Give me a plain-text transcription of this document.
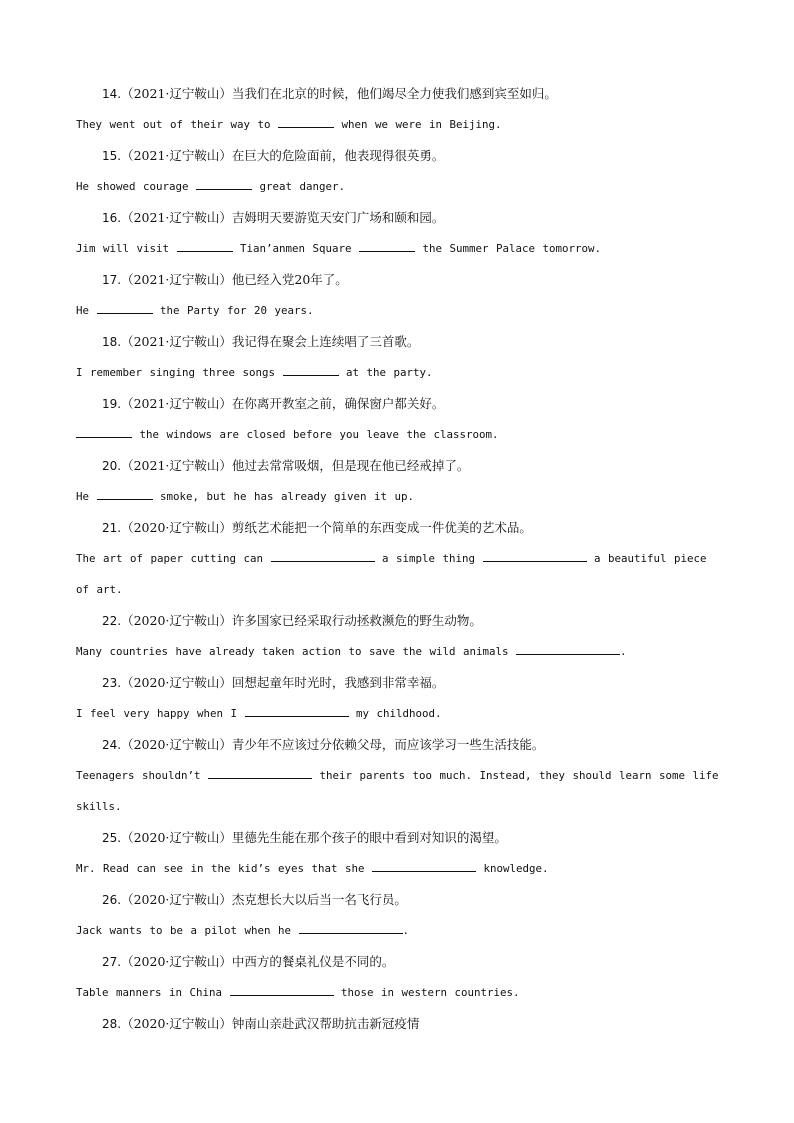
14.（2021·辽宁鞍山）当我们在北京的时候，他们竭尽全力使我们感到宾至如归。
They went out of their way to	when we were in Beijing.
15.（2021·辽宁鞍山）在巨大的危险面前，他表现得很英勇。
He showed courage	great danger.
16.（2021·辽宁鞍山）吉姆明天要游览天安门广场和颐和园。
Jim will visit	Tian’anmen Square	the Summer Palace tomorrow.
17.（2021·辽宁鞍山）他已经入党20年了。
He	the Party for 20 years.
18.（2021·辽宁鞍山）我记得在聚会上连续唱了三首歌。
I remember singing three songs	at the party.
19.（2021·辽宁鞍山）在你离开教室之前，确保窗户都关好。
the windows are closed before you leave the classroom.
20.（2021·辽宁鞍山）他过去常常吸烟，但是现在他已经戒掉了。
He	smoke, but he has already given it up.
21.（2020·辽宁鞍山）剪纸艺术能把一个简单的东西变成一件优美的艺术品。
The art of paper cutting can	a simple thing	a beautiful piece of art.
22.（2020·辽宁鞍山）许多国家已经采取行动拯救濒危的野生动物。
Many countries have already taken action to save the wild animals	.
23.（2020·辽宁鞍山）回想起童年时光时，我感到非常幸福。
I feel very happy when I	my childhood.
24.（2020·辽宁鞍山）青少年不应该过分依赖父母，而应该学习一些生活技能。
Teenagers shouldn’t	their parents too much. Instead, they should learn some life skills.
25.（2020·辽宁鞍山）里德先生能在那个孩子的眼中看到对知识的渴望。
Mr. Read can see in the kid’s eyes that she	knowledge.
26.（2020·辽宁鞍山）杰克想长大以后当一名飞行员。
Jack wants to be a pilot when he	.
27.（2020·辽宁鞍山）中西方的餐桌礼仪是不同的。
Table manners in China	those in western countries.
28.（2020·辽宁鞍山）钟南山亲赴武汉帮助抗击新冠疫情
